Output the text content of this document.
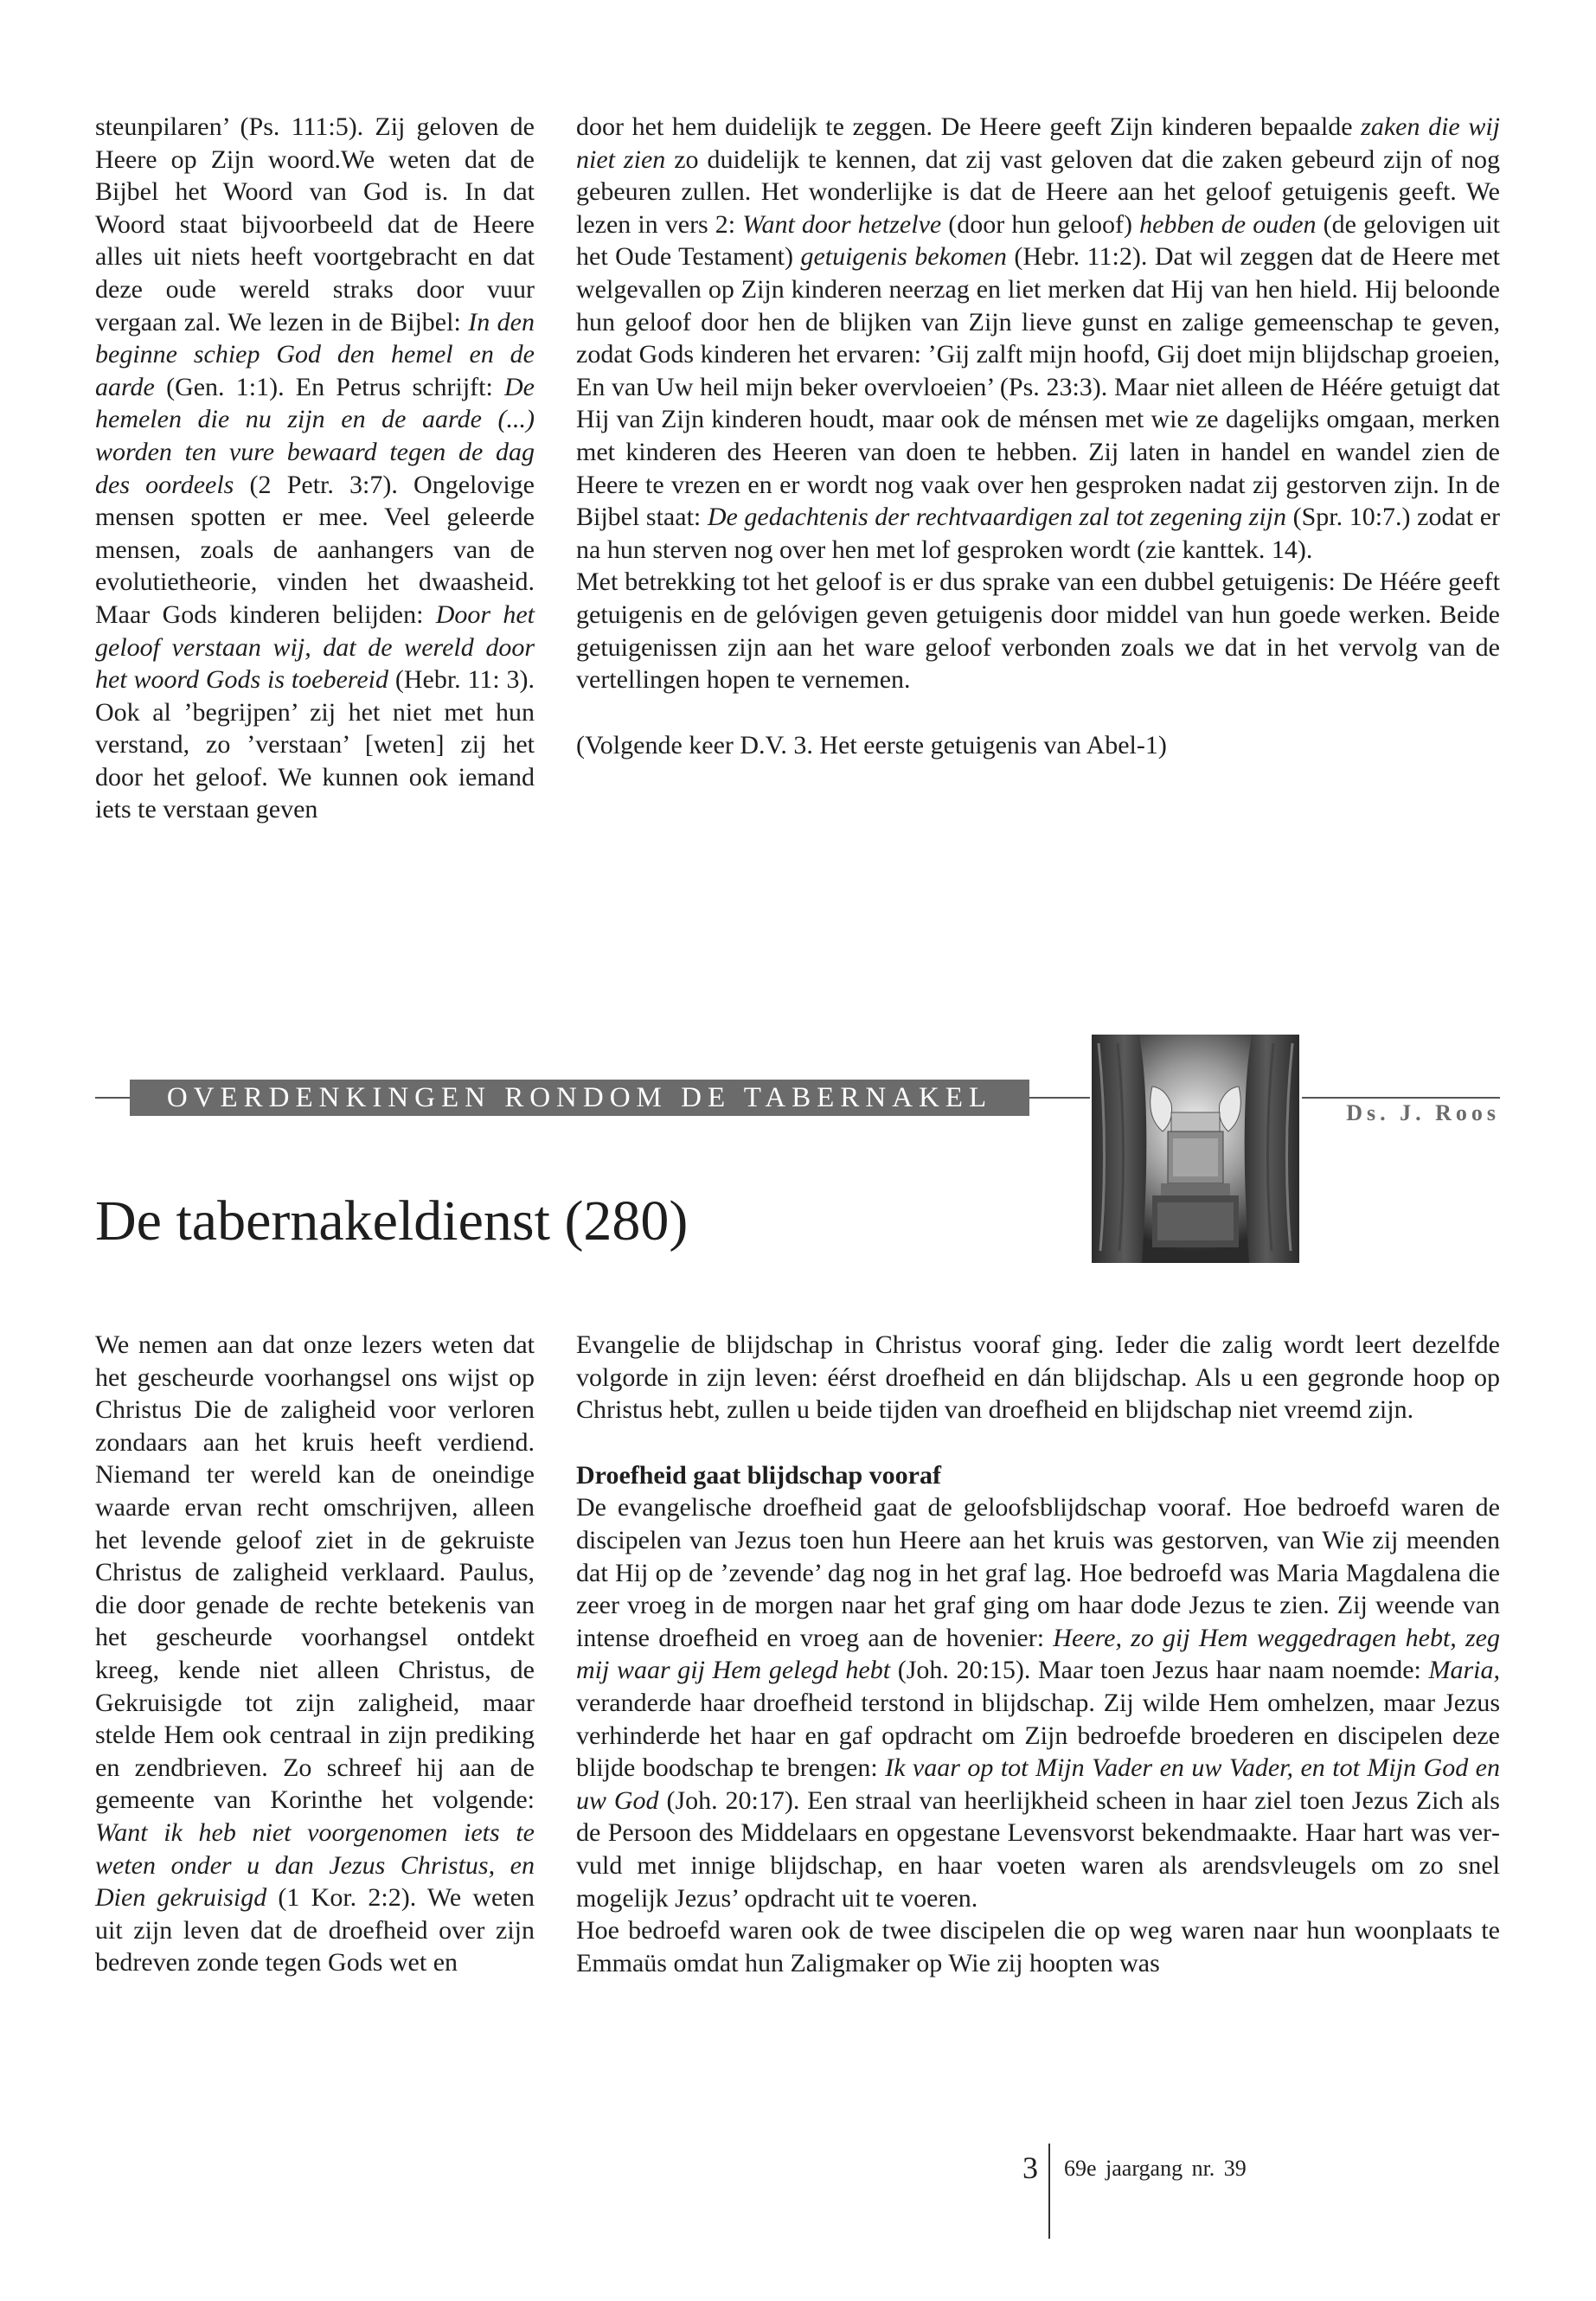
steunpilaren’ (Ps. 111:5). Zij geloven de Heere op Zijn woord.We weten dat de Bijbel het Woord van God is. In dat Woord staat bijvoorbeeld dat de Heere alles uit niets heeft voortgebracht en dat deze oude wereld straks door vuur vergaan zal. We lezen in de Bijbel: In den beginne schiep God den hemel en de aarde (Gen. 1:1). En Petrus schrijft: De hemelen die nu zijn en de aarde (...) worden ten vure bewaard tegen de dag des oordeels (2 Petr. 3:7). Ongelovige mensen spotten er mee. Veel geleerde mensen, zoals de aanhangers van de evolutietheorie, vinden het dwaasheid. Maar Gods kinderen belijden: Door het geloof verstaan wij, dat de wereld door het woord Gods is toebereid (Hebr. 11: 3). Ook al ’begrijpen’ zij het niet met hun verstand, zo ’verstaan’ [weten] zij het door het geloof. We kunnen ook iemand iets te verstaan geven

door het hem duidelijk te zeggen. De Heere geeft Zijn kinderen bepaalde zaken die wij niet zien zo duidelijk te kennen, dat zij vast geloven dat die zaken gebeurd zijn of nog gebeuren zullen. Het wonderlijke is dat de Heere aan het geloof getuigenis geeft. We lezen in vers 2: Want door hetzelve (door hun geloof) hebben de ouden (de gelovigen uit het Oude Testament) getuigenis bekomen (Hebr. 11:2). Dat wil zeggen dat de Heere met welgevallen op Zijn kinderen neerzag en liet merken dat Hij van hen hield. Hij beloonde hun geloof door hen de blijken van Zijn lieve gunst en zalige gemeenschap te geven, zodat Gods kinderen het ervaren: ’Gij zalft mijn hoofd, Gij doet mijn blijdschap groeien, En van Uw heil mijn beker overvloeien’ (Ps. 23:3). Maar niet alleen de Héére getuigt dat Hij van Zijn kinderen houdt, maar ook de ménsen met wie ze dagelijks omgaan, merken met kinderen des Heeren van doen te hebben. Zij laten in handel en wandel zien de Heere te vrezen en er wordt nog vaak over hen gesproken nadat zij gestorven zijn. In de Bijbel staat: De gedachtenis der rechtvaardigen zal tot zegening zijn (Spr. 10:7.) zodat er na hun sterven nog over hen met lof gesproken wordt (zie kanttek. 14).

Met betrekking tot het geloof is er dus sprake van een dubbel getuigenis: De Héére geeft getuigenis en de gelóvigen geven getuigenis door middel van hun goede werken. Beide getuigenissen zijn aan het ware geloof verbonden zoals we dat in het vervolg van de vertellingen hopen te vernemen.

(Volgende keer D.V. 3. Het eerste getuigenis van Abel-1)

OVERDENKINGEN RONDOM DE TABERNAKEL	Ds. J. Roos
De tabernakeldienst (280)

We nemen aan dat onze lezers weten dat het gescheurde voorhangsel ons wijst op Christus Die de zaligheid voor verloren zondaars aan het kruis heeft verdiend. Niemand ter wereld kan de oneindige waarde ervan recht omschrijven, alleen het levende geloof ziet in de gekruiste Christus de zaligheid verklaard. Paulus, die door genade de rechte betekenis van het gescheurde voorhangsel ontdekt kreeg, kende niet alleen Christus, de Gekruisigde tot zijn zaligheid, maar stelde Hem ook centraal in zijn prediking en zendbrieven. Zo schreef hij aan de gemeente van Korinthe het volgende: Want ik heb niet voorgenomen iets te weten onder u dan Jezus Christus, en Dien gekruisigd (1 Kor. 2:2). We weten uit zijn leven dat de droefheid over zijn bedreven zonde tegen Gods wet en

Evangelie de blijdschap in Christus vooraf ging. Ieder die zalig wordt leert dezelfde volgorde in zijn leven: éérst droefheid en dán blijdschap. Als u een gegronde hoop op Christus hebt, zullen u beide tijden van droefheid en blijdschap niet vreemd zijn.

Droefheid gaat blijdschap vooraf

De evangelische droefheid gaat de geloofsblijdschap vooraf. Hoe bedroefd waren de discipelen van Jezus toen hun Heere aan het kruis was gestorven, van Wie zij meenden dat Hij op de ’zevende’ dag nog in het graf lag. Hoe bedroefd was Maria Magdalena die zeer vroeg in de morgen naar het graf ging om haar dode Jezus te zien. Zij weende van intense droefheid en vroeg aan de hovenier: Heere, zo gij Hem weggedragen hebt, zeg mij waar gij Hem gelegd hebt (Joh. 20:15). Maar toen Jezus haar naam noemde: Maria, veranderde haar droefheid terstond in blijdschap. Zij wilde Hem omhelzen, maar Jezus verhinderde het haar en gaf opdracht om Zijn bedroefde broederen en discipelen deze blijde boodschap te brengen: Ik vaar op tot Mijn Vader en uw Vader, en tot Mijn God en uw God (Joh. 20:17). Een straal van heerlijkheid scheen in haar ziel toen Jezus Zich als de Persoon des Middelaars en opgestane Levensvorst bekendmaakte. Haar hart was vervuld met innige blijdschap, en haar voeten waren als arendsvleugels om zo snel mogelijk Jezus’ opdracht uit te voeren.

Hoe bedroefd waren ook de twee discipelen die op weg waren naar hun woonplaats te Emmaüs omdat hun Zaligmaker op Wie zij hoopten was

3 69e jaargang nr. 39
